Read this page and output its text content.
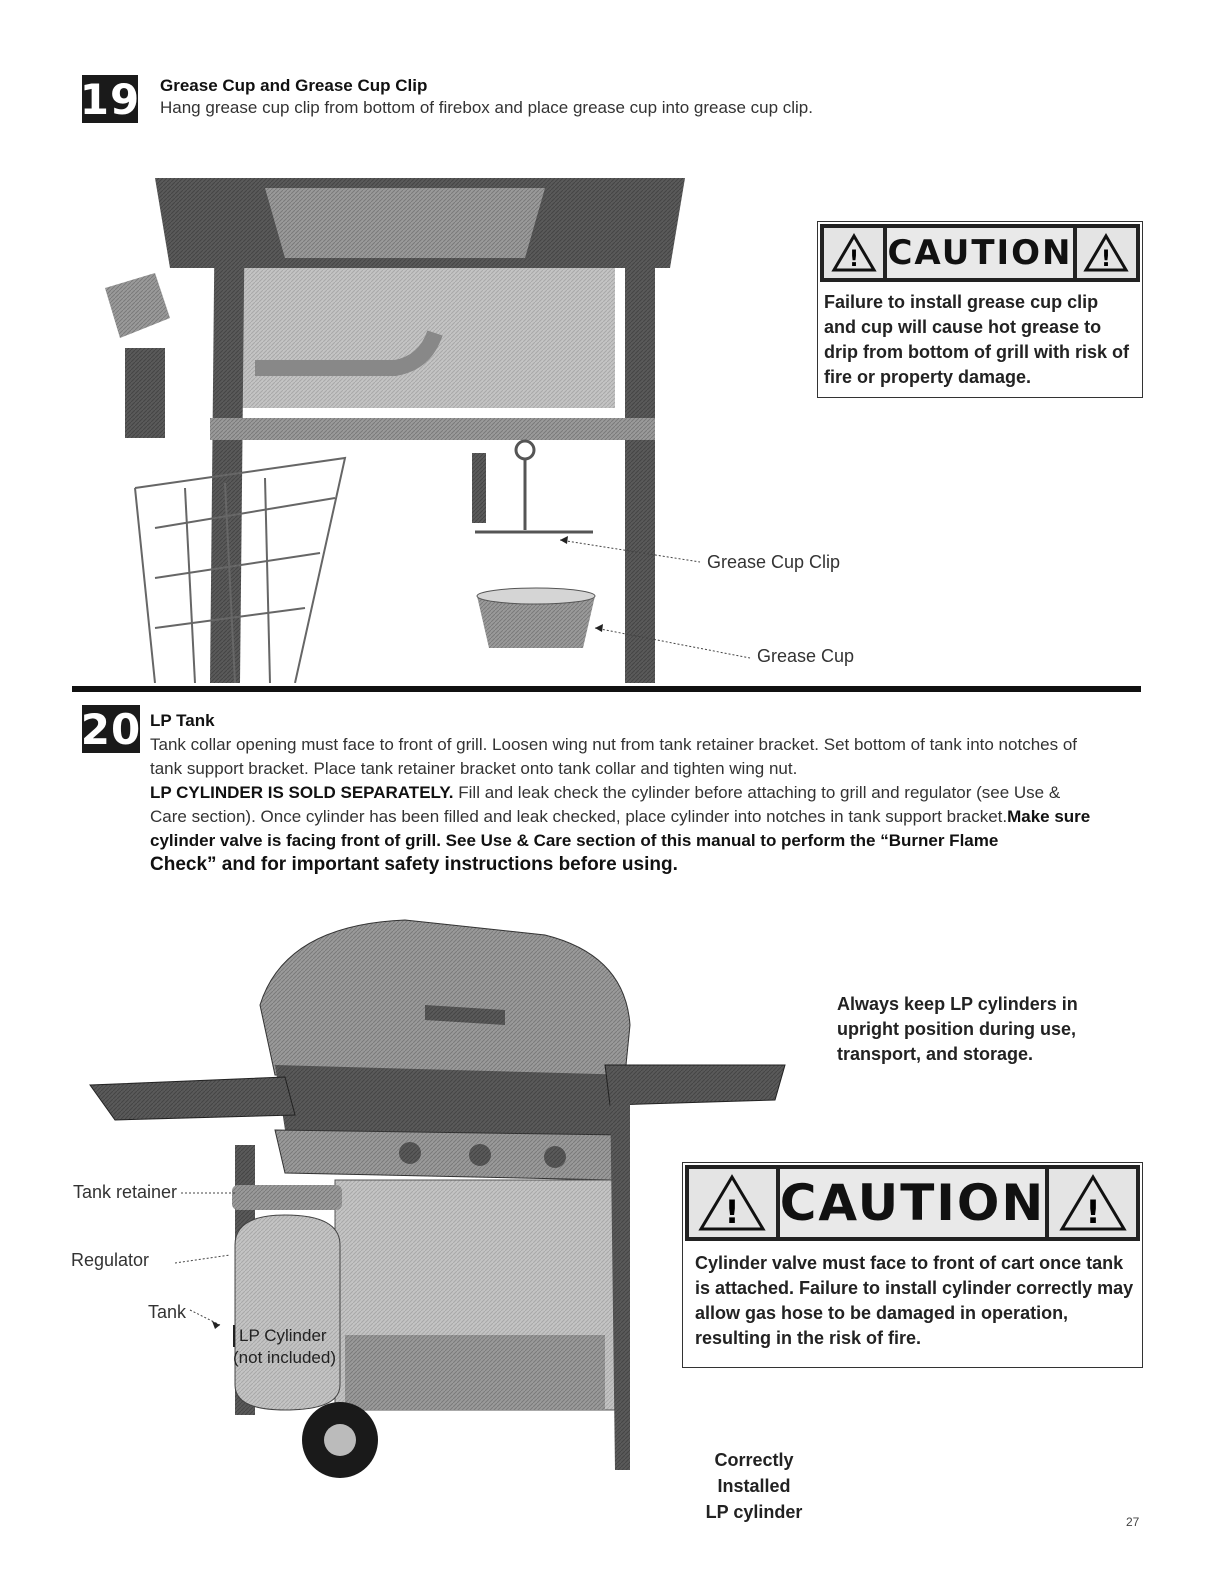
19 Grease Cup and Grease Cup Clip
Hang grease cup clip from bottom of firebox and place grease cup into grease cup clip.
Grease Cup Clip
Grease Cup
! CAUTION !
Failure to install grease cup clip
and cup will cause hot grease to
drip from bottom of grill with risk of
fire or property damage.
20 LP Tank
Tank collar opening must face to front of grill. Loosen wing nut from tank retainer bracket. Set bottom of tank into notches of
tank support bracket. Place tank retainer bracket onto tank collar and tighten wing nut.
LP CYLINDER IS SOLD SEPARATELY. Fill and leak check the cylinder before attaching to grill and regulator (see Use &
Care section). Once cylinder has been filled and leak checked, place cylinder into notches in tank support bracket.Make sure
cylinder valve is facing front of grill. See Use & Care section of this manual to perform the “Burner Flame
Check” and for important safety instructions before using.
LP Cylinder
(not included)
Tank retainer
Regulator
Tank
Always keep LP cylinders in
upright position during use,
transport, and storage.
! CAUTION !
Cylinder valve must face to front of cart once tank
is attached. Failure to install cylinder correctly may
allow gas hose to be damaged in operation,
resulting in the risk of fire.
Correctly Installed
LP cylinder	27
